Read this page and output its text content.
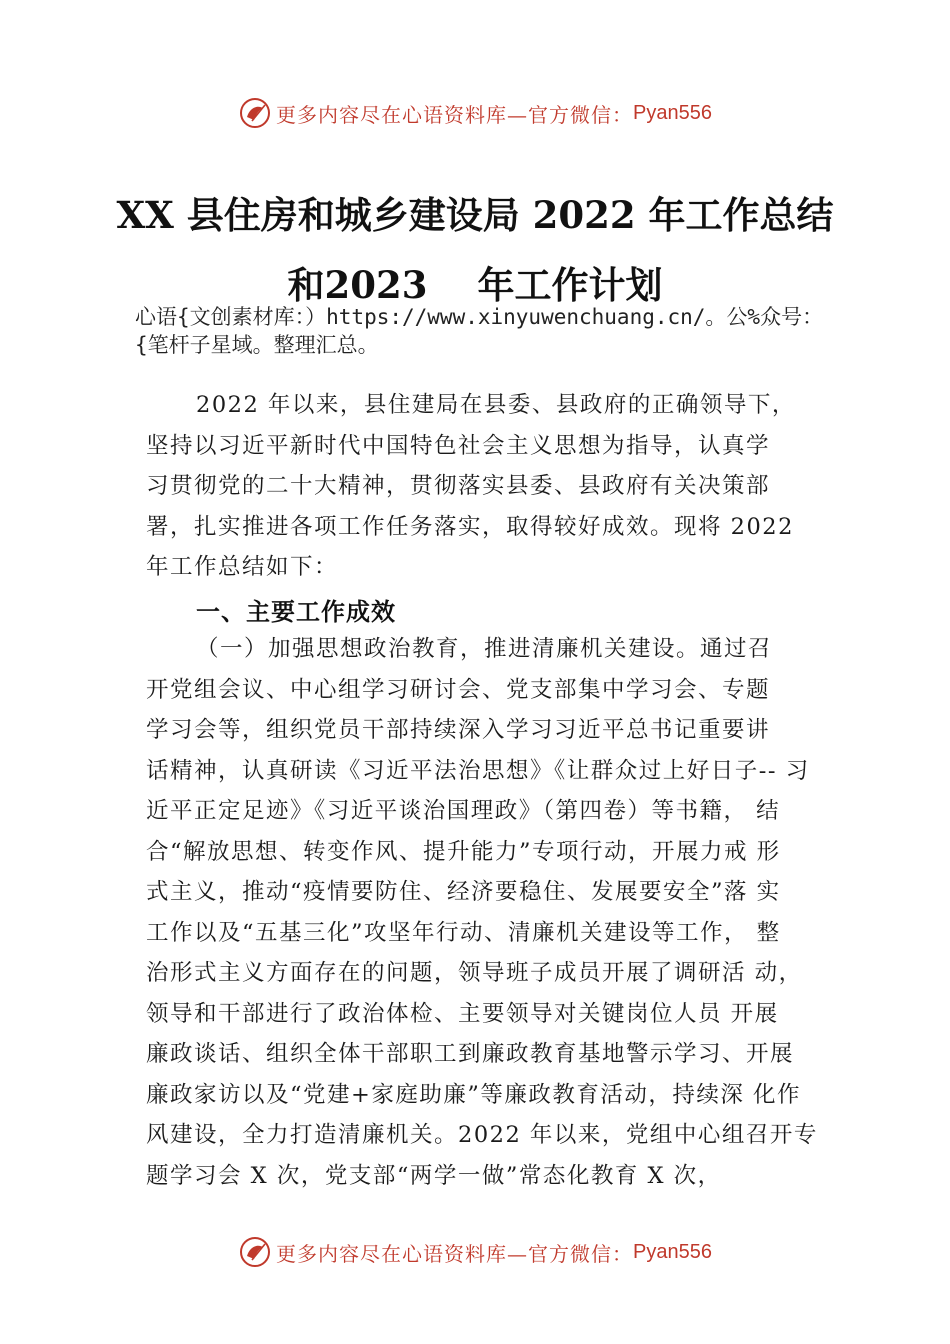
更多内容尽在心语资料库—官方微信： Pyan556
XX 县住房和城乡建设局 2022 年工作总结
和2023 年工作计划
心语{文创素材库：）https://www.xinyuwenchuang.cn/。公%众号：{笔杆子星域。整理汇总。
2022 年以来，县住建局在县委、县政府的正确领导下，
坚持以习近平新时代中国特色社会主义思想为指导，认真学
习贯彻党的二十大精神，贯彻落实县委、县政府有关决策部
署，扎实推进各项工作任务落实，取得较好成效。现将 2022
年工作总结如下：
一、主要工作成效
（一）加强思想政治教育，推进清廉机关建设。通过召
开党组会议、中心组学习研讨会、党支部集中学习会、专题
学习会等，组织党员干部持续深入学习习近平总书记重要讲
话精神，认真研读《习近平法治思想》《让群众过上好日子-- 习
近平正定足迹》《习近平谈治国理政》（第四卷）等书籍， 结
合“解放思想、转变作风、提升能力”专项行动，开展力戒 形
式主义，推动“疫情要防住、经济要稳住、发展要安全”落 实
工作以及“五基三化”攻坚年行动、清廉机关建设等工作， 整
治形式主义方面存在的问题，领导班子成员开展了调研活 动，
领导和干部进行了政治体检、主要领导对关键岗位人员 开展
廉政谈话、组织全体干部职工到廉政教育基地警示学习、开展
廉政家访以及“党建+家庭助廉”等廉政教育活动，持续深 化作
风建设，全力打造清廉机关。2022 年以来，党组中心组召开专
题学习会 X 次，党支部“两学一做”常态化教育 X 次，
更多内容尽在心语资料库—官方微信： Pyan556
